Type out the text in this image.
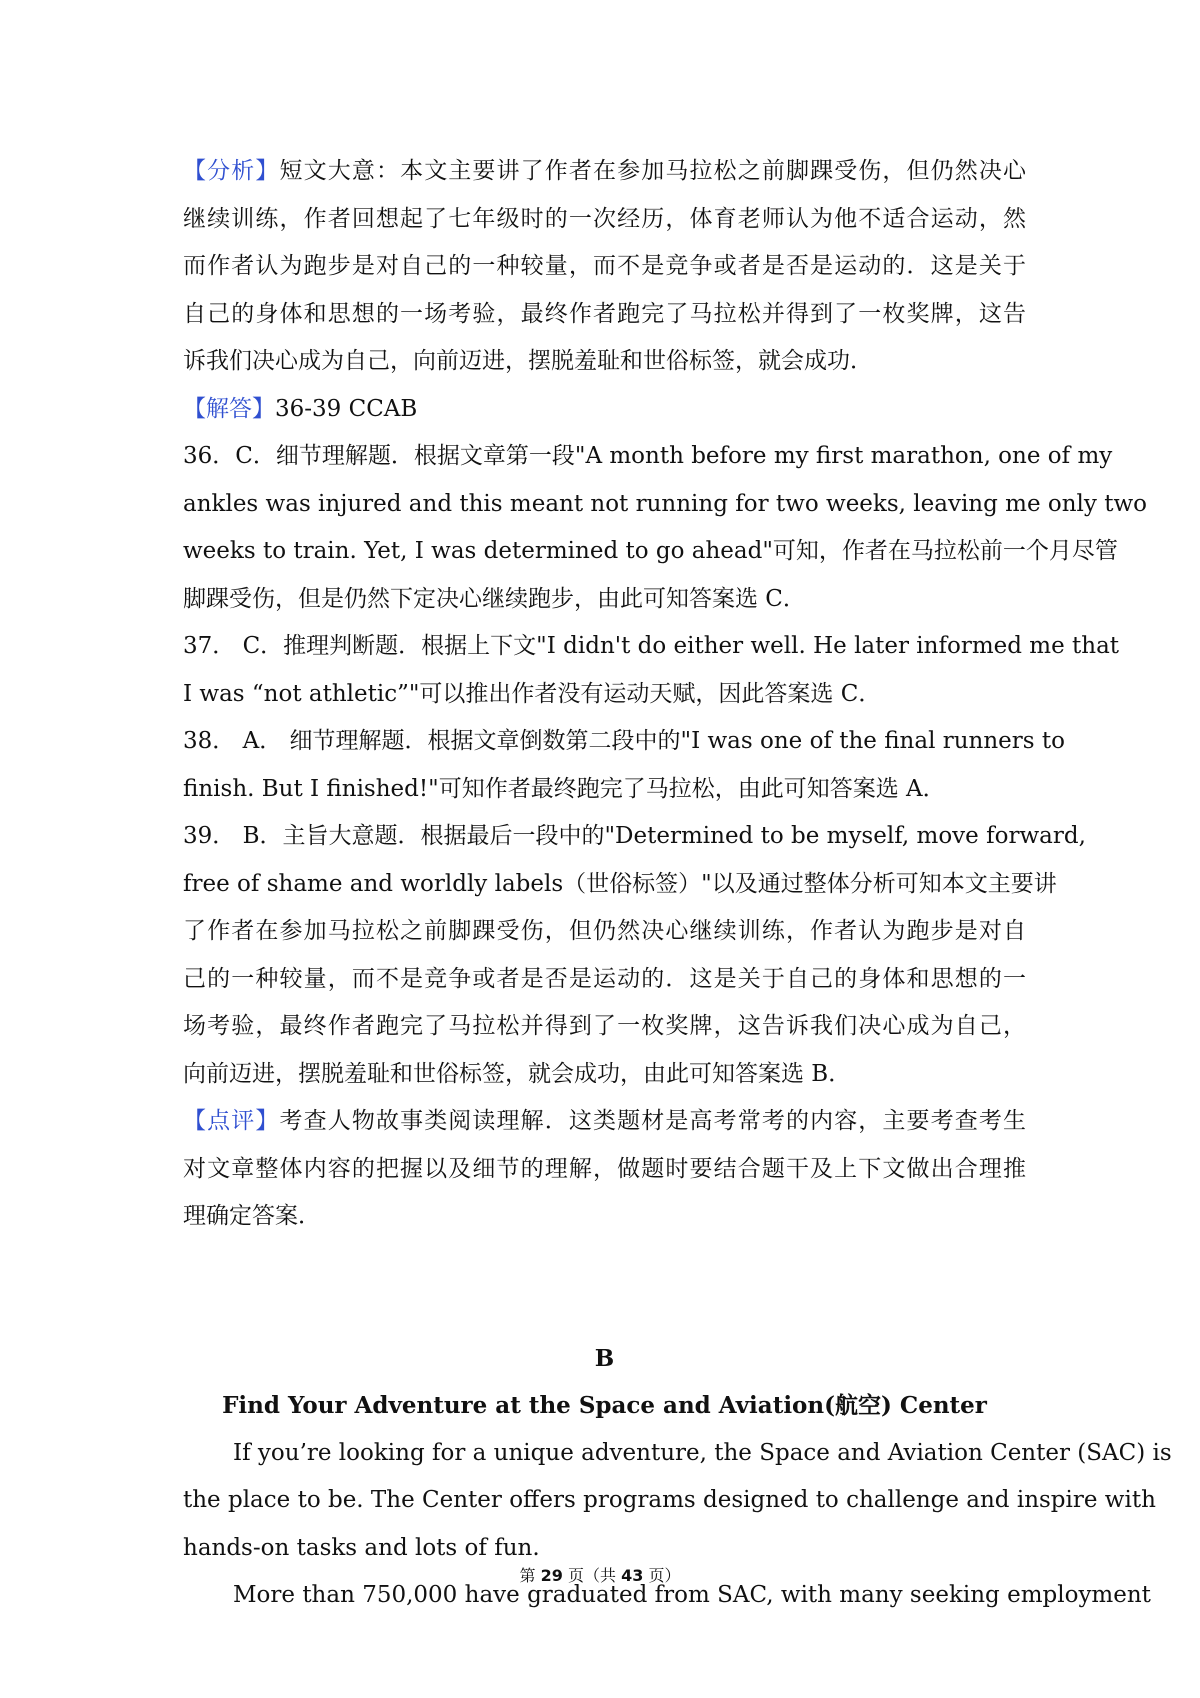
【分析】短文大意：本文主要讲了作者在参加马拉松之前脚踝受伤，但仍然决心
继续训练，作者回想起了七年级时的一次经历，体育老师认为他不适合运动，然
而作者认为跑步是对自己的一种较量，而不是竞争或者是否是运动的．这是关于
自己的身体和思想的一场考验，最终作者跑完了马拉松并得到了一枚奖牌，这告
诉我们决心成为自己，向前迈进，摆脱羞耻和世俗标签，就会成功．
【解答】36-39 CCAB
36．C．细节理解题．根据文章第一段"A month before my first marathon, one of my
ankles was injured and this meant not running for two weeks, leaving me only two
weeks to train. Yet, I was determined to go ahead"可知，作者在马拉松前一个月尽管
脚踝受伤，但是仍然下定决心继续跑步，由此可知答案选 C．
37． C．推理判断题．根据上下文"I didn't do either well. He later informed me that
I was “not athletic”"可以推出作者没有运动天赋，因此答案选 C．
38． A． 细节理解题．根据文章倒数第二段中的"I was one of the final runners to
finish. But I finished!"可知作者最终跑完了马拉松，由此可知答案选 A．
39． B．主旨大意题．根据最后一段中的"Determined to be myself, move forward,
free of shame and worldly labels（世俗标签）"以及通过整体分析可知本文主要讲
了作者在参加马拉松之前脚踝受伤，但仍然决心继续训练，作者认为跑步是对自
己的一种较量，而不是竞争或者是否是运动的．这是关于自己的身体和思想的一
场考验，最终作者跑完了马拉松并得到了一枚奖牌，这告诉我们决心成为自己，
向前迈进，摆脱羞耻和世俗标签，就会成功，由此可知答案选 B．
【点评】考查人物故事类阅读理解．这类题材是高考常考的内容，主要考查考生
对文章整体内容的把握以及细节的理解，做题时要结合题干及上下文做出合理推
理确定答案．
B
Find Your Adventure at the Space and Aviation(航空) Center
If you’re looking for a unique adventure, the Space and Aviation Center (SAC) is
the place to be. The Center offers programs designed to challenge and inspire with
hands-on tasks and lots of fun.
More than 750,000 have graduated from SAC, with many seeking employment
第 29 页（共 43 页）
